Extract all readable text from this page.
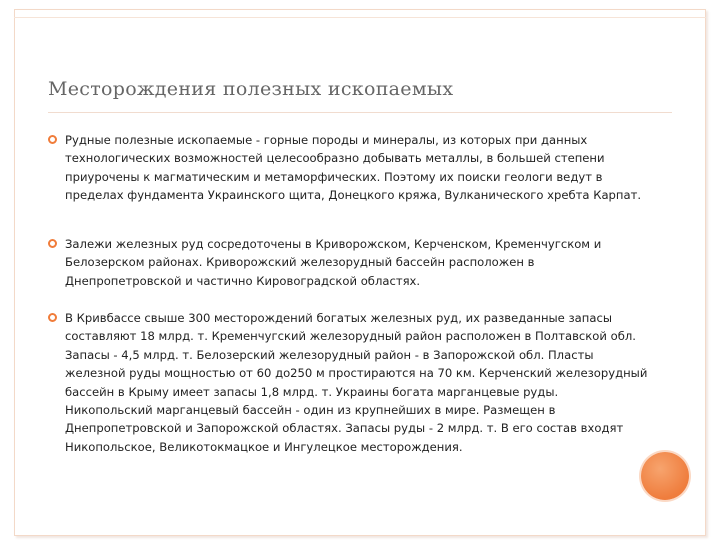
Месторождения полезных ископаемых
Рудные полезные ископаемые - горные породы и минералы, из которых при данных технологических возможностей целесообразно добывать металлы, в большей степени приурочены к магматическим и метаморфических. Поэтому их поиски геологи ведут в пределах фундамента Украинского щита, Донецкого кряжа, Вулканического хребта Карпат.
Залежи железных руд сосредоточены в Криворожском, Керченском, Кременчугском и Белозерском районах. Криворожский железорудный бассейн расположен в Днепропетровской и частично Кировоградской областях.
В Кривбассе свыше 300 месторождений богатых железных руд, их разведанные запасы составляют 18 млрд. т. Кременчугский железорудный район расположен в Полтавской обл. Запасы - 4,5 млрд. т. Белозерский железорудный район - в Запорожской обл. Пласты железной руды мощностью от 60 до250 м простираются на 70 км. Керченский железорудный бассейн в Крыму имеет запасы 1,8 млрд. т. Украины богата марганцевые руды. Никопольский марганцевый бассейн - один из крупнейших в мире. Размещен в Днепропетровской и Запорожской областях. Запасы руды - 2 млрд. т. В его состав входят Никопольское, Великотокмацкое и Ингулецкое месторождения.
